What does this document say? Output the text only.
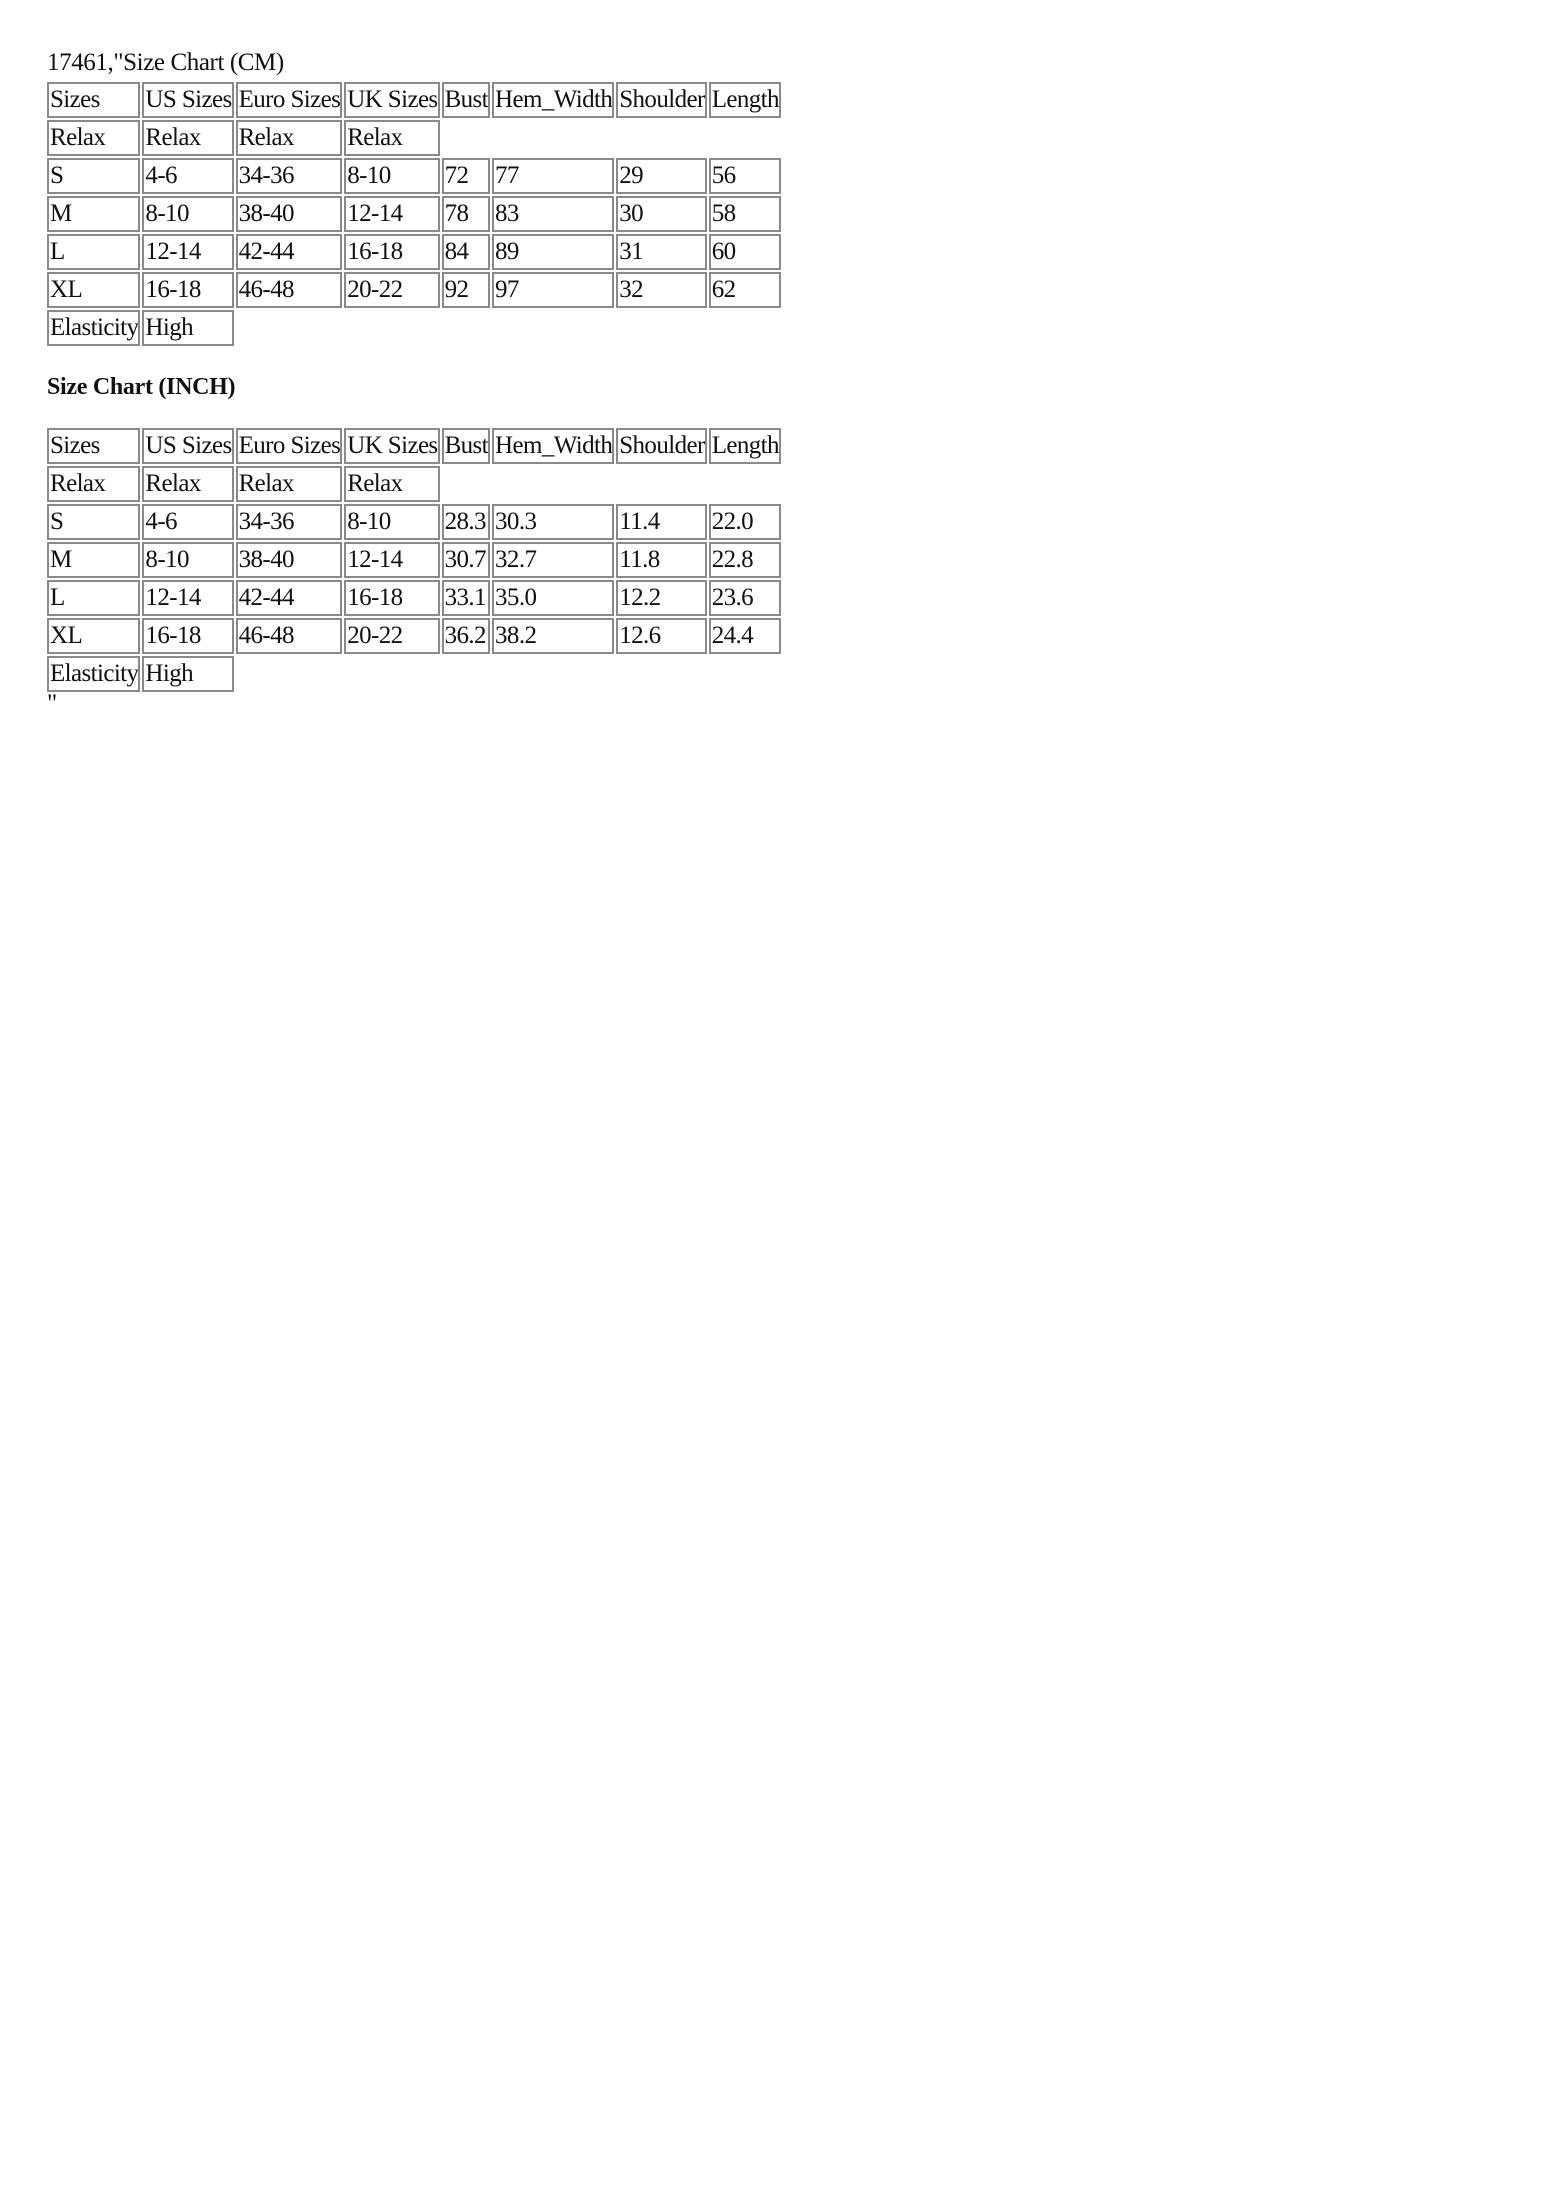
17461,"Size Chart (CM)
Sizes	US Sizes	Euro Sizes	UK Sizes	Bust	Hem_Width	Shoulder	Length
Relax	Relax	Relax	Relax				
S	4-6	34-36	8-10	72	77	29	56
M	8-10	38-40	12-14	78	83	30	58
L	12-14	42-44	16-18	84	89	31	60
XL	16-18	46-48	20-22	92	97	32	62
Elasticity	High						
Size Chart (INCH)
Sizes	US Sizes	Euro Sizes	UK Sizes	Bust	Hem_Width	Shoulder	Length
Relax	Relax	Relax	Relax				
S	4-6	34-36	8-10	28.3	30.3	11.4	22.0
M	8-10	38-40	12-14	30.7	32.7	11.8	22.8
L	12-14	42-44	16-18	33.1	35.0	12.2	23.6
XL	16-18	46-48	20-22	36.2	38.2	12.6	24.4
Elasticity	High						
"
